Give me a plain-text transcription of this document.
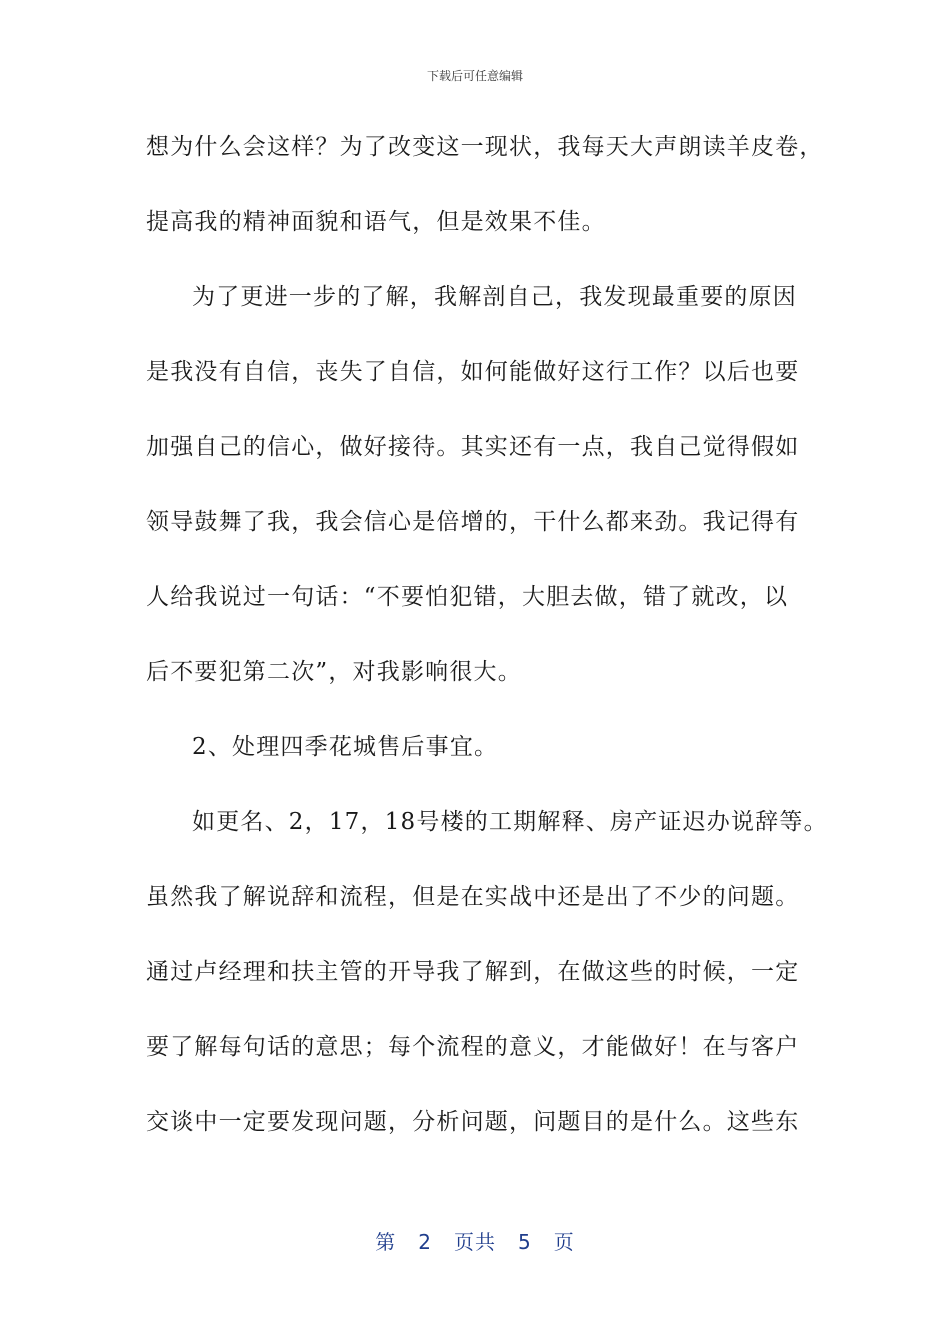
下载后可任意编辑
想为什么会这样？为了改变这一现状，我每天大声朗读羊皮卷，
提高我的精神面貌和语气，但是效果不佳。
为了更进一步的了解，我解剖自己，我发现最重要的原因
是我没有自信，丧失了自信，如何能做好这行工作？以后也要
加强自己的信心，做好接待。其实还有一点，我自己觉得假如
领导鼓舞了我，我会信心是倍增的，干什么都来劲。我记得有
人给我说过一句话：“不要怕犯错，大胆去做，错了就改，以
后不要犯第二次”，对我影响很大。
2、处理四季花城售后事宜。
如更名、2，17，18号楼的工期解释、房产证迟办说辞等。
虽然我了解说辞和流程，但是在实战中还是出了不少的问题。
通过卢经理和扶主管的开导我了解到，在做这些的时候，一定
要了解每句话的意思；每个流程的意义，才能做好！在与客户
交谈中一定要发现问题，分析问题，问题目的是什么。这些东
第 2 页共 5 页
